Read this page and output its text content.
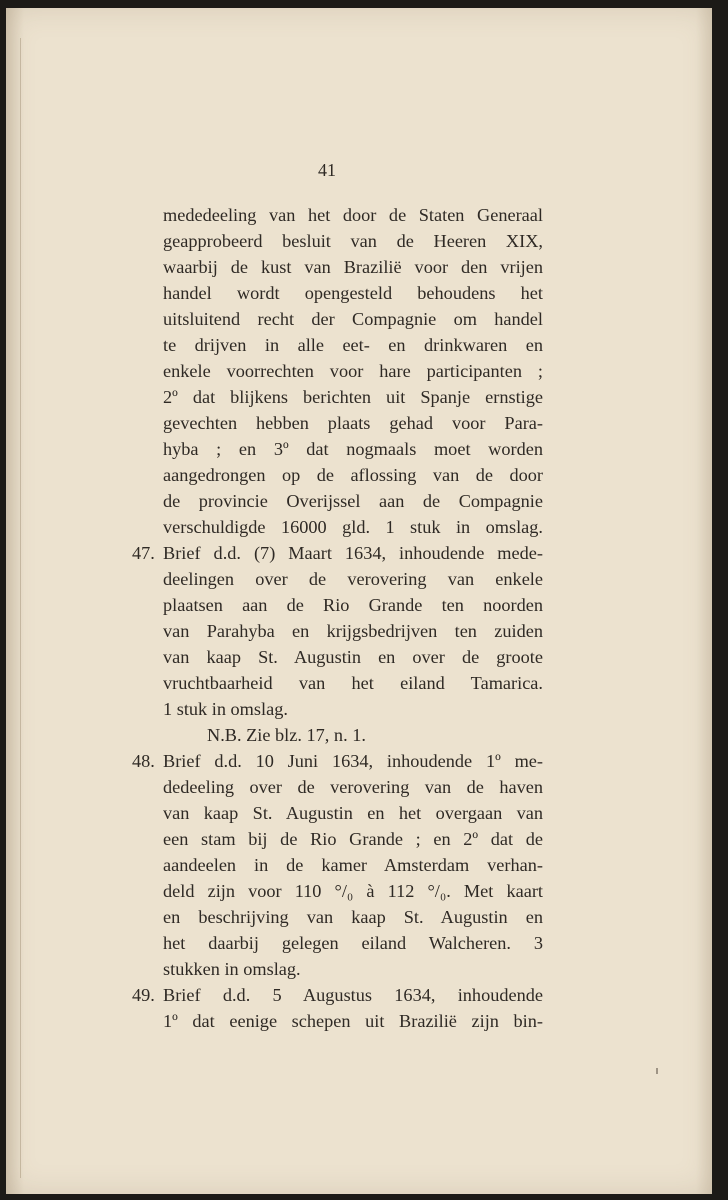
41
mededeeling van het door de Staten Generaal
geapprobeerd besluit van de Heeren XIX,
waarbij de kust van Brazilië voor den vrijen
handel wordt opengesteld behoudens het
uitsluitend recht der Compagnie om handel
te drijven in alle eet- en drinkwaren en
enkele voorrechten voor hare participanten ;
2º dat blijkens berichten uit Spanje ernstige
gevechten hebben plaats gehad voor Para-
hyba ; en 3º dat nogmaals moet worden
aangedrongen op de aflossing van de door
de provincie Overijssel aan de Compagnie
verschuldigde 16000 gld. 1 stuk in omslag.
47. Brief d.d. (7) Maart 1634, inhoudende mede-
deelingen over de verovering van enkele
plaatsen aan de Rio Grande ten noorden
van Parahyba en krijgsbedrijven ten zuiden
van kaap St. Augustin en over de groote
vruchtbaarheid van het eiland Tamarica.
1 stuk in omslag.
N.B. Zie blz. 17, n. 1.
48. Brief d.d. 10 Juni 1634, inhoudende 1º me-
dedeeling over de verovering van de haven
van kaap St. Augustin en het overgaan van
een stam bij de Rio Grande ; en 2º dat de
aandeelen in de kamer Amsterdam verhan-
deld zijn voor 110 °/₀ à 112 °/₀. Met kaart
en beschrijving van kaap St. Augustin en
het daarbij gelegen eiland Walcheren. 3
stukken in omslag.
49. Brief d.d. 5 Augustus 1634, inhoudende
1º dat eenige schepen uit Brazilië zijn bin-
